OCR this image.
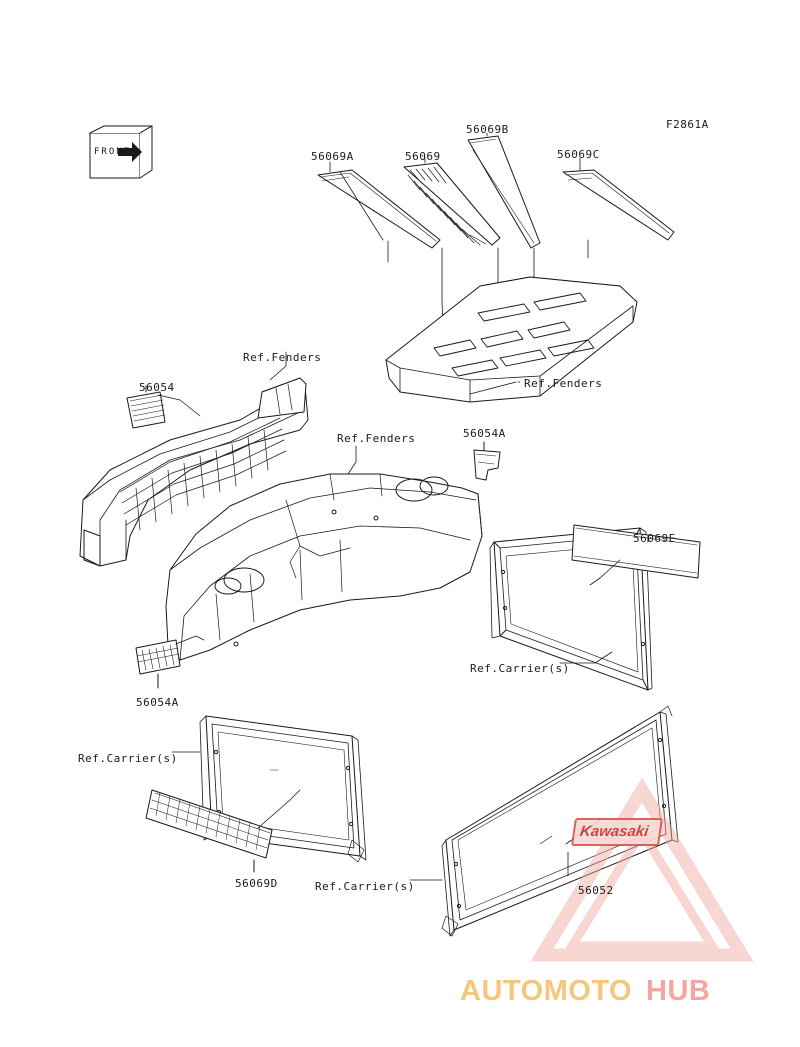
AUTOMOTO HUB
Kawasaki
F2861A
56069A	56069
56069B
56069C
Ref.Fenders
Ref.Fenders
Ref.Fenders
56054
56054A
56069E
Ref.Carrier(s)
56054A
Ref.Carrier(s)
56069D	Ref.Carrier(s)	56052
FRONT
